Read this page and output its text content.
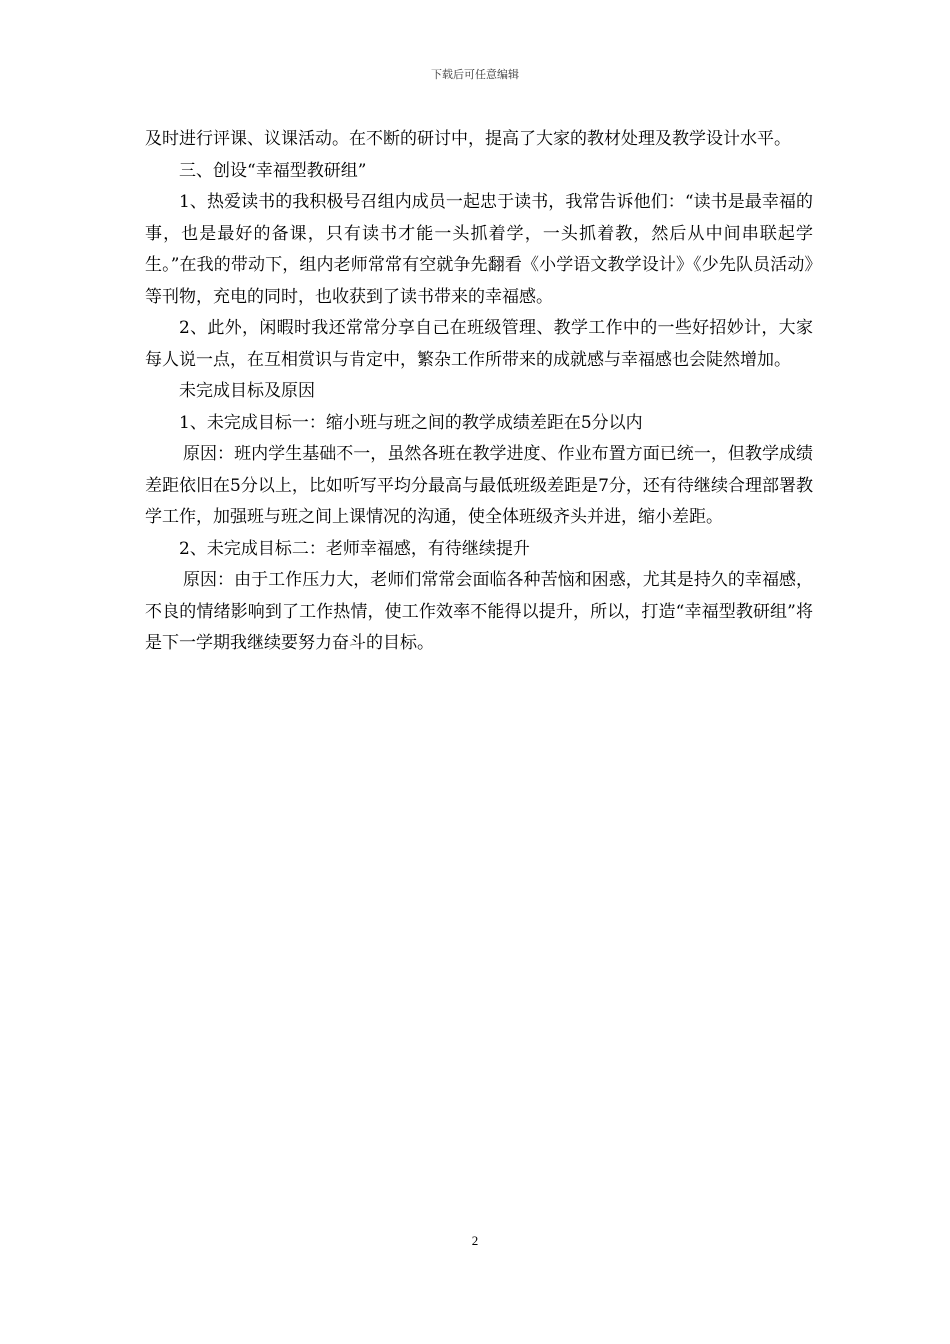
下载后可任意编辑

及时进行评课、议课活动。在不断的研讨中，提高了大家的教材处理及教学设计水平。

三、创设“幸福型教研组”

1、热爱读书的我积极号召组内成员一起忠于读书，我常告诉他们：“读书是最幸福的事，也是最好的备课，只有读书才能一头抓着学，一头抓着教，然后从中间串联起学生。”在我的带动下，组内老师常常有空就争先翻看《小学语文教学设计》《少先队员活动》等刊物，充电的同时，也收获到了读书带来的幸福感。

2、此外，闲暇时我还常常分享自己在班级管理、教学工作中的一些好招妙计，大家每人说一点，在互相赏识与肯定中，繁杂工作所带来的成就感与幸福感也会陡然增加。

未完成目标及原因

1、未完成目标一：缩小班与班之间的教学成绩差距在5分以内

原因：班内学生基础不一，虽然各班在教学进度、作业布置方面已统一，但教学成绩差距依旧在5分以上，比如听写平均分最高与最低班级差距是7分，还有待继续合理部署教学工作，加强班与班之间上课情况的沟通，使全体班级齐头并进，缩小差距。

2、未完成目标二：老师幸福感，有待继续提升

原因：由于工作压力大，老师们常常会面临各种苦恼和困惑，尤其是持久的幸福感，不良的情绪影响到了工作热情，使工作效率不能得以提升，所以，打造“幸福型教研组”将是下一学期我继续要努力奋斗的目标。

2
